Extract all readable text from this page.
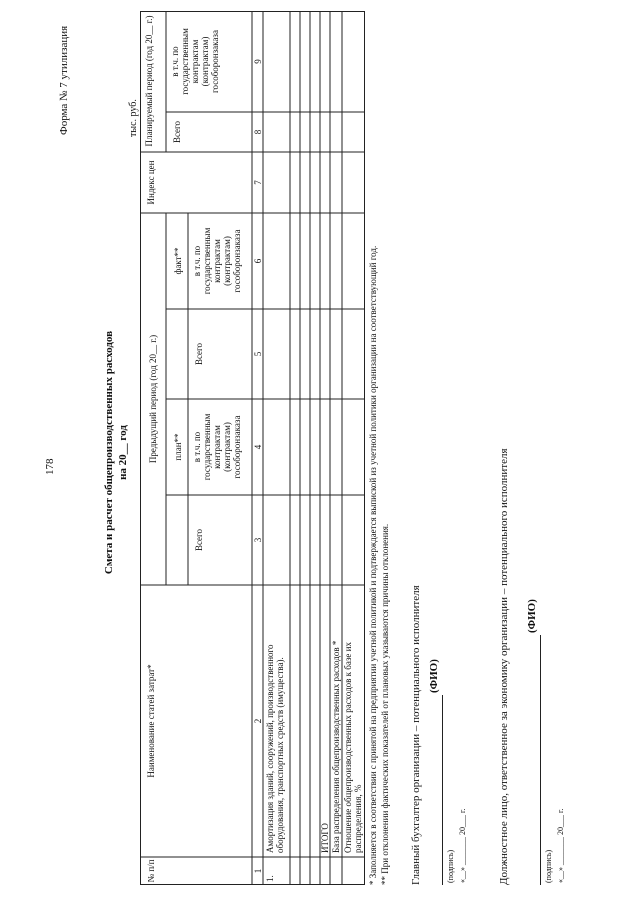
178
Форма № 7 утилизация
Смета и расчет общепроизводственных расходов на 20__ год
тыс. руб.
№ п/п
Наименование статей затрат*
Предыдущий период (год 20__ г.) план**
факт**
Всего
в т.ч. по государственным контрактам (контрактам) гособоронзаказа
Всего
в т.ч. по государственным контрактам (контрактам) гособоронзаказа
Индекс цен
Планируемый период (год 20__ г.) Всего
в т.ч. по государственным контрактам (контрактам) гособоронзаказа
1
2
3
4
5
6
7
8
9
1.
Амортизация зданий, сооружений, производственного оборудования, транспортных средств (имущества).	ИТОГО База распределения общепроизводственных расходов * Отношение общепроизводственных расходов к базе их распределения, % * Заполняется в соответствии с принятой на предприятии учетной политикой и подтверждается выпиской из учетной политики организации на соответствующий год. ** При отклонении фактических показателей от плановых указываются причины отклонения. Главный бухгалтер организации – потенциального исполнителя (ФИО)
(подпись) «__» _______ 20___ г.	Должностное лицо, ответственное за экономику организации – потенциального исполнителя (ФИО)
(подпись) «__» _______ 20___ г.
